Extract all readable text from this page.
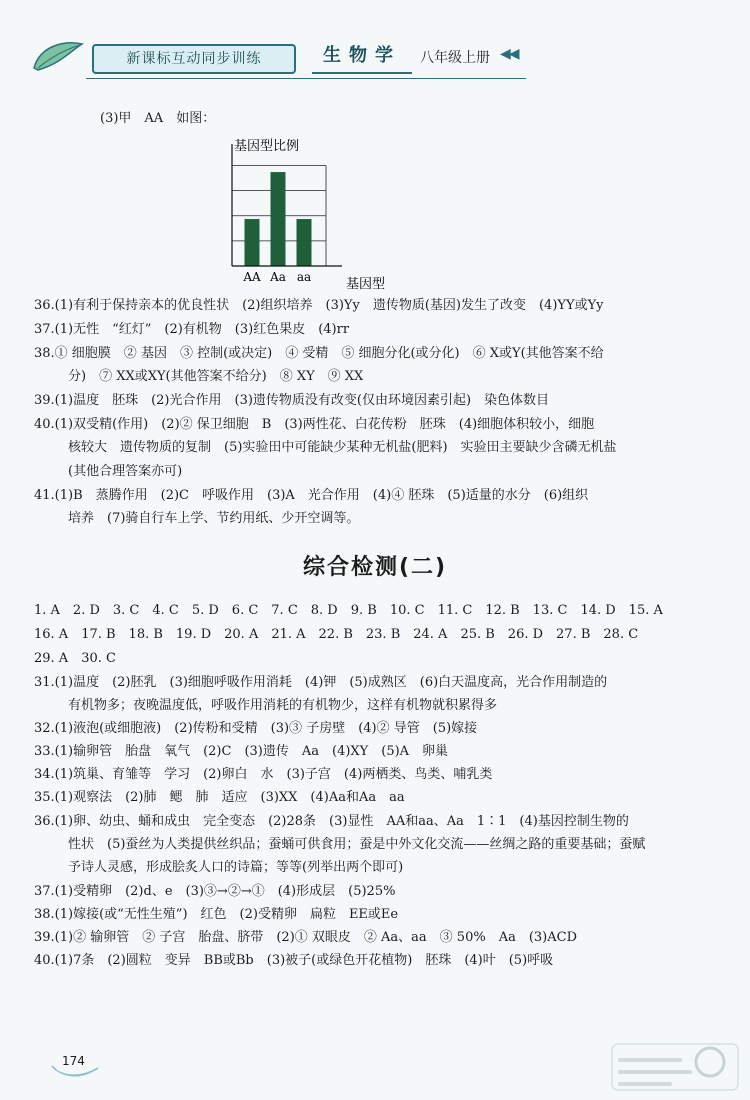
新课标互动同步训练	生物学	八年级上册 ◀◀
(3)甲　AA　如图：
AA Aa aa
基因型比例
基因型
36.(1)有利于保持亲本的优良性状　(2)组织培养　(3)Yy　遗传物质(基因)发生了改变　(4)YY或Yy
37.(1)无性　“红灯”　(2)有机物　(3)红色果皮　(4)rr
38.① 细胞膜　② 基因　③ 控制(或决定)　④ 受精　⑤ 细胞分化(或分化)　⑥ X或Y(其他答案不给
分)　⑦ XX或XY(其他答案不给分)　⑧ XY　⑨ XX
39.(1)温度　胚珠　(2)光合作用　(3)遗传物质没有改变(仅由环境因素引起)　染色体数目
40.(1)双受精(作用)　(2)② 保卫细胞　B　(3)两性花、白花传粉　胚珠　(4)细胞体积较小，细胞
核较大　遗传物质的复制　(5)实验田中可能缺少某种无机盐(肥料)　实验田主要缺少含磷无机盐
(其他合理答案亦可)
41.(1)B　蒸腾作用　(2)C　呼吸作用　(3)A　光合作用　(4)④ 胚珠　(5)适量的水分　(6)组织
培养　(7)骑自行车上学、节约用纸、少开空调等。
综合检测(二)
1. A　2. D　3. C　4. C　5. D　6. C　7. C　8. D　9. B　10. C　11. C　12. B　13. C　14. D　15. A
16. A　17. B　18. B　19. D　20. A　21. A　22. B　23. B　24. A　25. B　26. D　27. B　28. C
29. A　30. C
31.(1)温度　(2)胚乳　(3)细胞呼吸作用消耗　(4)钾　(5)成熟区　(6)白天温度高，光合作用制造的
有机物多；夜晚温度低，呼吸作用消耗的有机物少，这样有机物就积累得多
32.(1)液泡(或细胞液)　(2)传粉和受精　(3)③ 子房壁　(4)② 导管　(5)嫁接
33.(1)输卵管　胎盘　氧气　(2)C　(3)遗传　Aa　(4)XY　(5)A　卵巢
34.(1)筑巢、育雏等　学习　(2)卵白　水　(3)子宫　(4)两栖类、鸟类、哺乳类
35.(1)观察法　(2)肺　鳃　肺　适应　(3)XX　(4)Aa和Aa　aa
36.(1)卵、幼虫、蛹和成虫　完全变态　(2)28条　(3)显性　AA和aa、Aa　1∶1　(4)基因控制生物的
性状　(5)蚕丝为人类提供丝织品；蚕蛹可供食用；蚕是中外文化交流——丝绸之路的重要基础；蚕赋
予诗人灵感，形成脍炙人口的诗篇；等等(列举出两个即可)
37.(1)受精卵　(2)d、e　(3)③→②→①　(4)形成层　(5)25%
38.(1)嫁接(或“无性生殖”)　红色　(2)受精卵　扁粒　EE或Ee
39.(1)② 输卵管　② 子宫　胎盘、脐带　(2)① 双眼皮　② Aa、aa　③ 50%　Aa　(3)ACD
40.(1)7条　(2)圆粒　变异　BB或Bb　(3)被子(或绿色开花植物)　胚珠　(4)叶　(5)呼吸
174
